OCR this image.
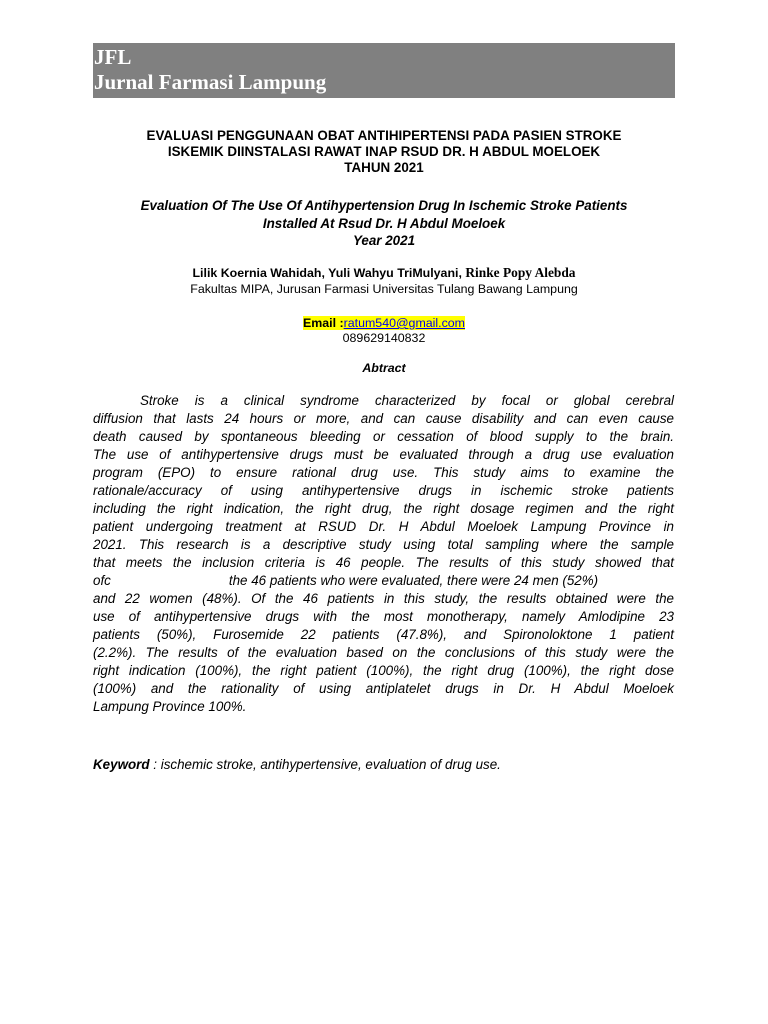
JFL
Jurnal Farmasi Lampung
EVALUASI PENGGUNAAN OBAT ANTIHIPERTENSI PADA PASIEN STROKE
ISKEMIK DIINSTALASI RAWAT INAP RSUD DR. H ABDUL MOELOEK
TAHUN 2021
Evaluation Of The Use Of Antihypertension Drug In Ischemic Stroke Patients
Installed At Rsud Dr. H Abdul Moeloek
Year 2021
Lilik Koernia Wahidah, Yuli Wahyu TriMulyani, Rinke Popy Alebda
Fakultas MIPA, Jurusan Farmasi Universitas Tulang Bawang Lampung
Email :ratum540@gmail.com
089629140832
Abtract
Stroke is a clinical syndrome characterized by focal or global cerebral
diffusion that lasts 24 hours or more, and can cause disability and can even cause
death caused by spontaneous bleeding or cessation of blood supply to the brain.
The use of antihypertensive drugs must be evaluated through a drug use evaluation
program (EPO) to ensure rational drug use. This study aims to examine the
rationale/accuracy of using antihypertensive drugs in ischemic stroke patients
including the right indication, the right drug, the right dosage regimen and the right
patient undergoing treatment at RSUD Dr. H Abdul Moeloek Lampung Province in
2021. This research is a descriptive study using total sampling where the sample
that meets the inclusion criteria is 46 people. The results of this study showed that
ofc	the 46 patients who were evaluated, there were 24 men (52%)
and 22 women (48%). Of the 46 patients in this study, the results obtained were the
use of antihypertensive drugs with the most monotherapy, namely Amlodipine 23
patients (50%), Furosemide 22 patients (47.8%), and Spironoloktone 1 patient
(2.2%). The results of the evaluation based on the conclusions of this study were the
right indication (100%), the right patient (100%), the right drug (100%), the right dose
(100%) and the rationality of using antiplatelet drugs in Dr. H Abdul Moeloek
Lampung Province 100%.
Keyword : ischemic stroke, antihypertensive, evaluation of drug use.
